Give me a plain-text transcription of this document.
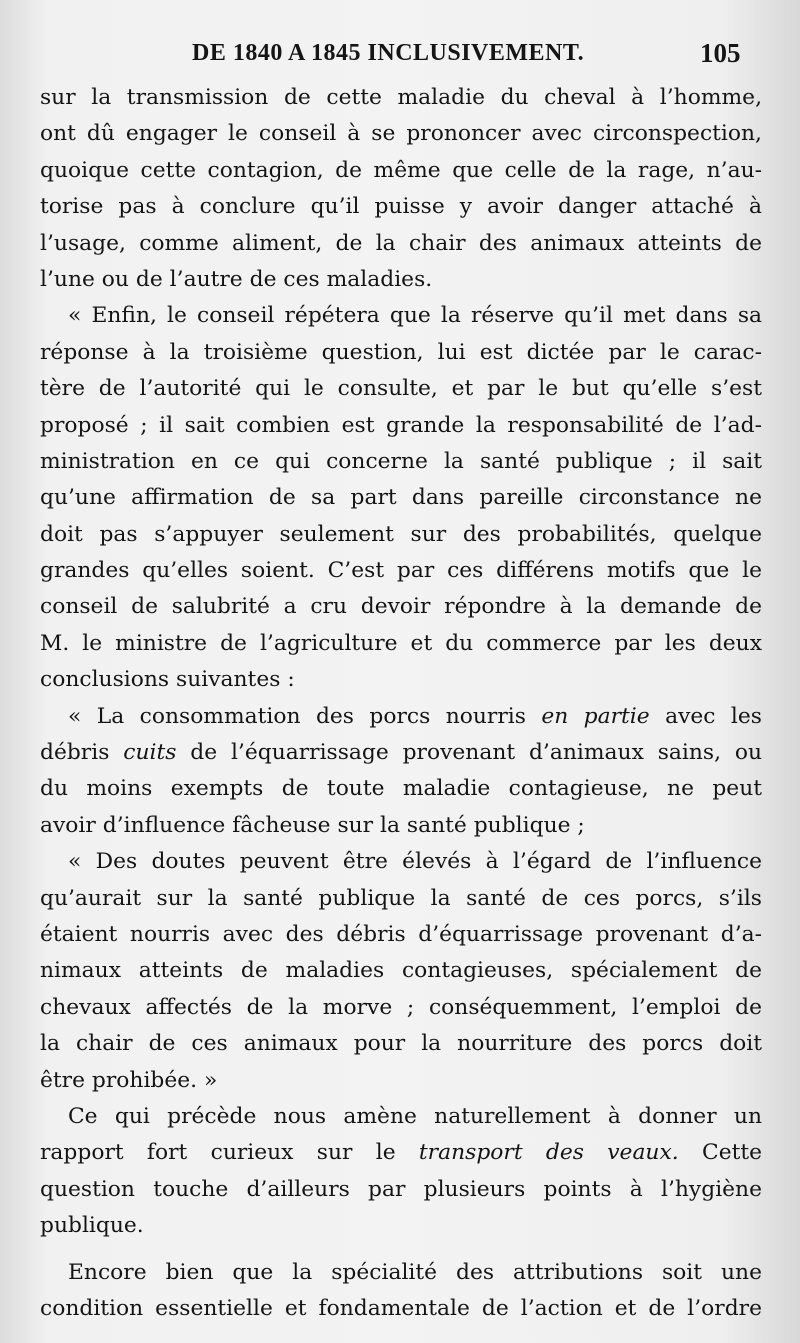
DE 1840 A 1845 INCLUSIVEMENT.	105
sur la transmission de cette maladie du cheval à l’homme,
ont dû engager le conseil à se prononcer avec circonspection,
quoique cette contagion, de même que celle de la rage, n’au-
torise pas à conclure qu’il puisse y avoir danger attaché à
l’usage, comme aliment, de la chair des animaux atteints de
l’une ou de l’autre de ces maladies.
« Enfin, le conseil répétera que la réserve qu’il met dans sa
réponse à la troisième question, lui est dictée par le carac-
tère de l’autorité qui le consulte, et par le but qu’elle s’est
proposé ; il sait combien est grande la responsabilité de l’ad-
ministration en ce qui concerne la santé publique ; il sait
qu’une affirmation de sa part dans pareille circonstance ne
doit pas s’appuyer seulement sur des probabilités, quelque
grandes qu’elles soient. C’est par ces différens motifs que le
conseil de salubrité a cru devoir répondre à la demande de
M. le ministre de l’agriculture et du commerce par les deux
conclusions suivantes :
« La consommation des porcs nourris en partie avec les
débris cuits de l’équarrissage provenant d’animaux sains, ou
du moins exempts de toute maladie contagieuse, ne peut
avoir d’influence fâcheuse sur la santé publique ;
« Des doutes peuvent être élevés à l’égard de l’influence
qu’aurait sur la santé publique la santé de ces porcs, s’ils
étaient nourris avec des débris d’équarrissage provenant d’a-
nimaux atteints de maladies contagieuses, spécialement de
chevaux affectés de la morve ; conséquemment, l’emploi de
la chair de ces animaux pour la nourriture des porcs doit
être prohibée. »
Ce qui précède nous amène naturellement à donner un
rapport fort curieux sur le transport des veaux. Cette
question touche d’ailleurs par plusieurs points à l’hygiène
publique.
Encore bien que la spécialité des attributions soit une
condition essentielle et fondamentale de l’action et de l’ordre
